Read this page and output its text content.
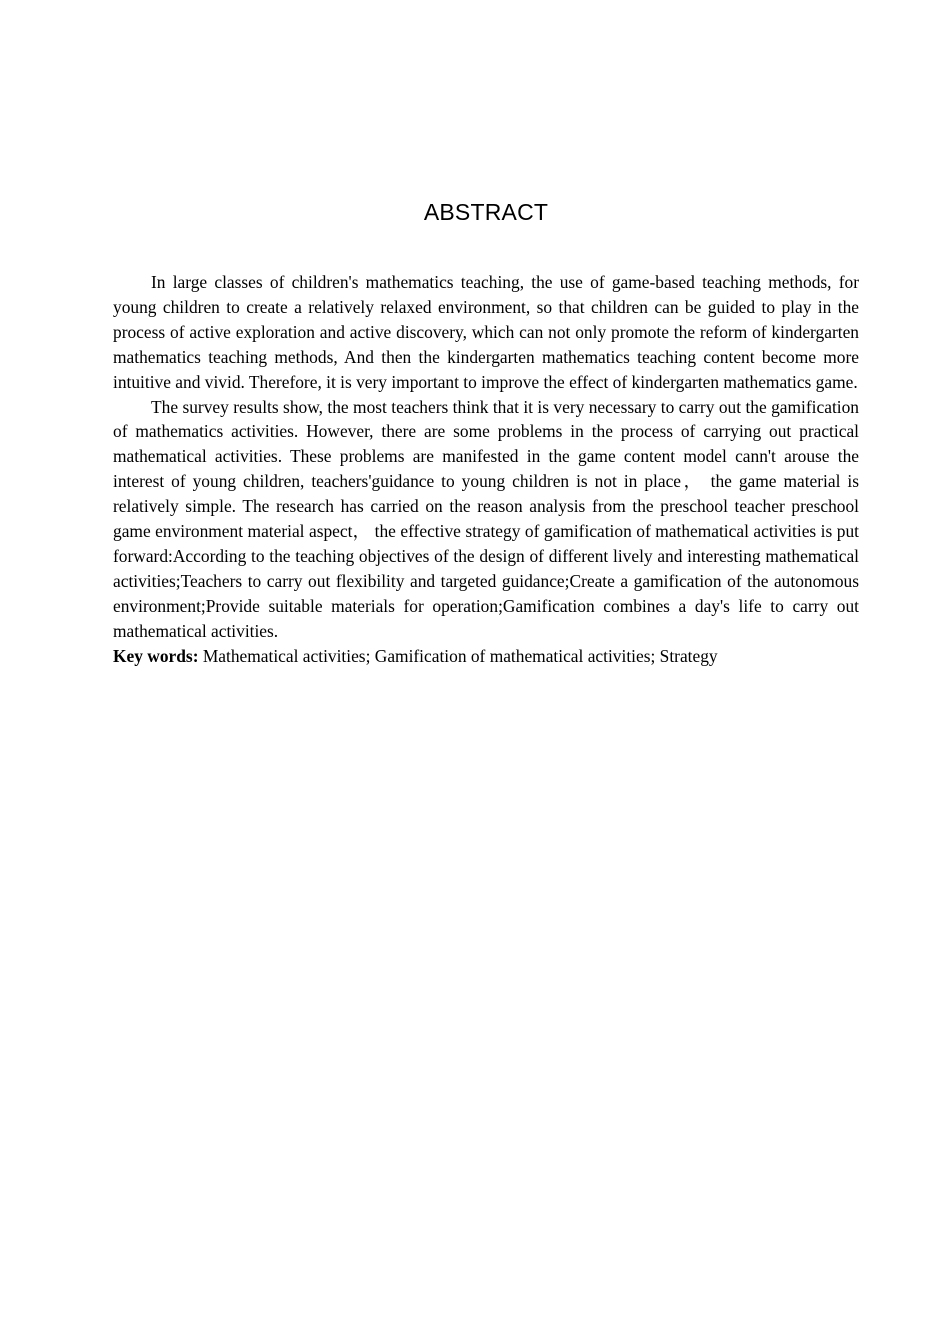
ABSTRACT

In large classes of children's mathematics teaching, the use of game-based teaching methods, for young children to create a relatively relaxed environment, so that children can be guided to play in the process of active exploration and active discovery, which can not only promote the reform of kindergarten mathematics teaching methods, And then the kindergarten mathematics teaching content become more intuitive and vivid. Therefore, it is very important to improve the effect of kindergarten mathematics game.

The survey results show, the most teachers think that it is very necessary to carry out the gamification of mathematics activities. However, there are some problems in the process of carrying out practical mathematical activities. These problems are manifested in the game content model cann't arouse the interest of young children, teachers'guidance to young children is not in place， the game material is relatively simple. The research has carried on the reason analysis from the preschool teacher preschool game environment material aspect， the effective strategy of gamification of mathematical activities is put forward:According to the teaching objectives of the design of different lively and interesting mathematical activities;Teachers to carry out flexibility and targeted guidance;Create a gamification of the autonomous environment;Provide suitable materials for operation;Gamification combines a day's life to carry out mathematical activities.

Key words: Mathematical activities; Gamification of mathematical activities; Strategy
